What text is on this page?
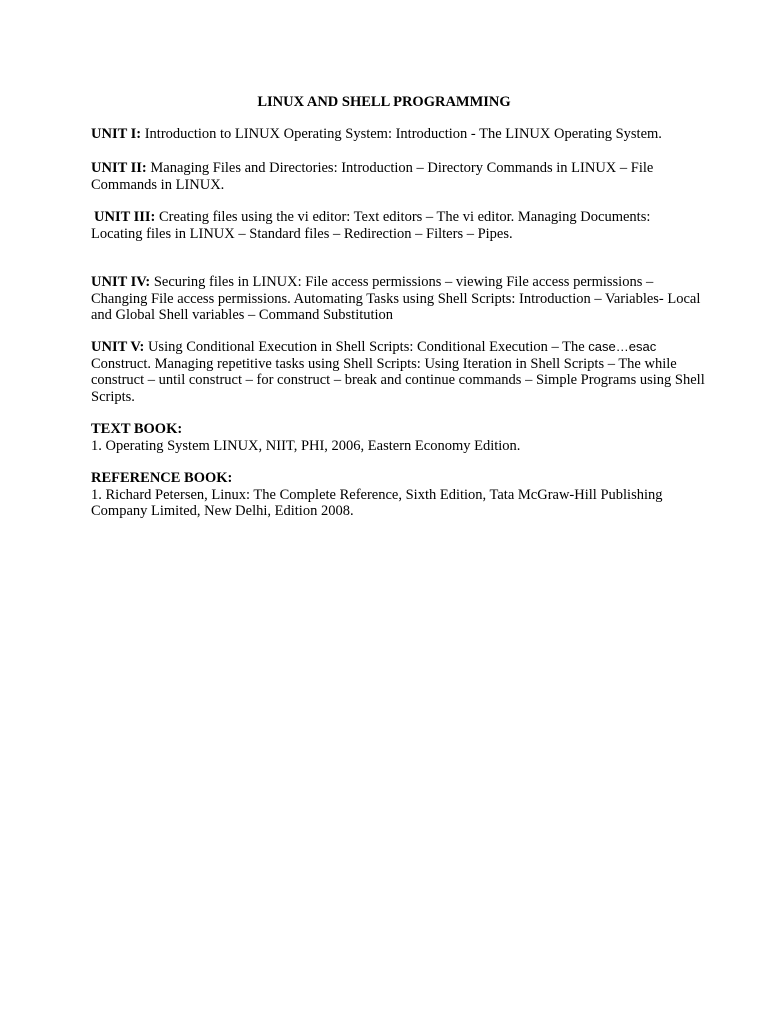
LINUX AND SHELL PROGRAMMING
UNIT I: Introduction to LINUX Operating System: Introduction - The LINUX Operating System.
UNIT II: Managing Files and Directories: Introduction – Directory Commands in LINUX – File
Commands in LINUX.
UNIT III: Creating files using the vi editor: Text editors – The vi editor. Managing Documents:
Locating files in LINUX – Standard files – Redirection – Filters – Pipes.
UNIT IV: Securing files in LINUX: File access permissions – viewing File access permissions –
Changing File access permissions. Automating Tasks using Shell Scripts: Introduction – Variables- Local
and Global Shell variables – Command Substitution
UNIT V: Using Conditional Execution in Shell Scripts: Conditional Execution – The case…esac
Construct. Managing repetitive tasks using Shell Scripts: Using Iteration in Shell Scripts – The while
construct – until construct – for construct – break and continue commands – Simple Programs using Shell
Scripts.
TEXT BOOK:
1. Operating System LINUX, NIIT, PHI, 2006, Eastern Economy Edition.
REFERENCE BOOK:
1. Richard Petersen, Linux: The Complete Reference, Sixth Edition, Tata McGraw-Hill Publishing
Company Limited, New Delhi, Edition 2008.
